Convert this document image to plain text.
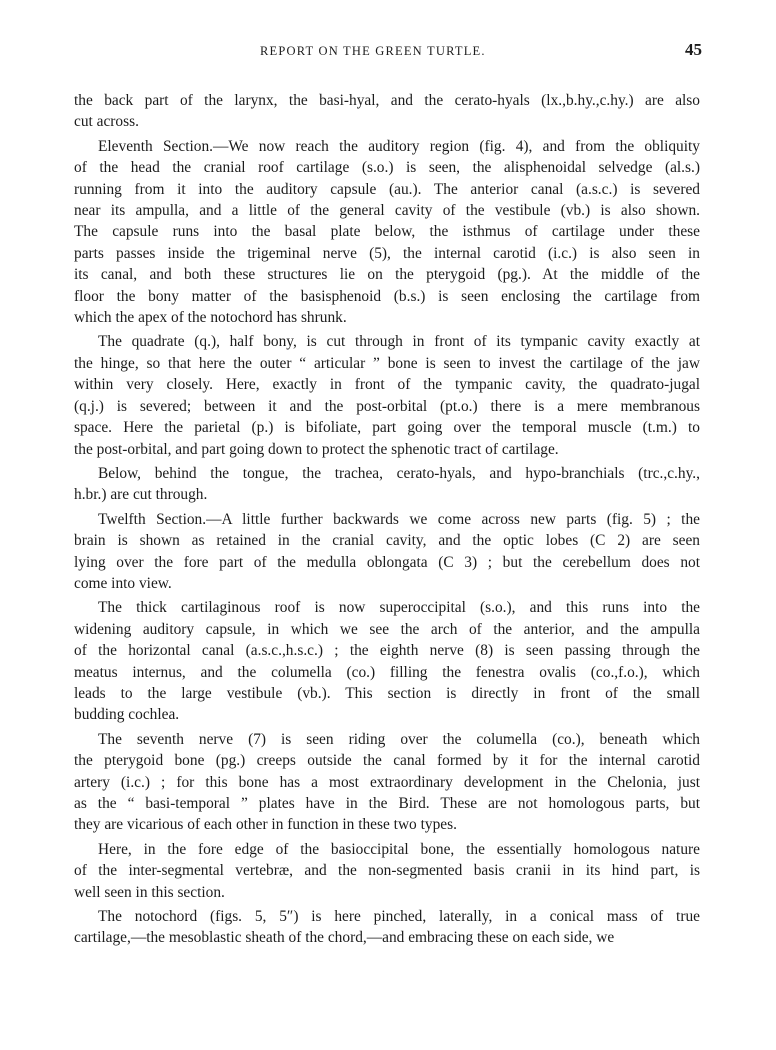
REPORT ON THE GREEN TURTLE.	45

the back part of the larynx, the basi-hyal, and the cerato-hyals (lx.,b.hy.,c.hy.) are also
cut across.

Eleventh Section.—We now reach the auditory region (fig. 4), and from the obliquity
of the head the cranial roof cartilage (s.o.) is seen, the alisphenoidal selvedge (al.s.)
running from it into the auditory capsule (au.). The anterior canal (a.s.c.) is severed
near its ampulla, and a little of the general cavity of the vestibule (vb.) is also shown.
The capsule runs into the basal plate below, the isthmus of cartilage under these
parts passes inside the trigeminal nerve (5), the internal carotid (i.c.) is also seen in
its canal, and both these structures lie on the pterygoid (pg.). At the middle of the
floor the bony matter of the basisphenoid (b.s.) is seen enclosing the cartilage from
which the apex of the notochord has shrunk.

The quadrate (q.), half bony, is cut through in front of its tympanic cavity exactly at
the hinge, so that here the outer “ articular ” bone is seen to invest the cartilage of the jaw
within very closely. Here, exactly in front of the tympanic cavity, the quadrato-jugal
(q.j.) is severed; between it and the post-orbital (pt.o.) there is a mere membranous
space. Here the parietal (p.) is bifoliate, part going over the temporal muscle (t.m.) to
the post-orbital, and part going down to protect the sphenotic tract of cartilage.

Below, behind the tongue, the trachea, cerato-hyals, and hypo-branchials (trc.,c.hy.,
h.br.) are cut through.

Twelfth Section.—A little further backwards we come across new parts (fig. 5) ; the
brain is shown as retained in the cranial cavity, and the optic lobes (C 2) are seen
lying over the fore part of the medulla oblongata (C 3) ; but the cerebellum does not
come into view.

The thick cartilaginous roof is now superoccipital (s.o.), and this runs into the
widening auditory capsule, in which we see the arch of the anterior, and the ampulla
of the horizontal canal (a.s.c.,h.s.c.) ; the eighth nerve (8) is seen passing through the
meatus internus, and the columella (co.) filling the fenestra ovalis (co.,f.o.), which
leads to the large vestibule (vb.). This section is directly in front of the small
budding cochlea.

The seventh nerve (7) is seen riding over the columella (co.), beneath which
the pterygoid bone (pg.) creeps outside the canal formed by it for the internal carotid
artery (i.c.) ; for this bone has a most extraordinary development in the Chelonia, just
as the “ basi-temporal ” plates have in the Bird. These are not homologous parts, but
they are vicarious of each other in function in these two types.

Here, in the fore edge of the basioccipital bone, the essentially homologous nature
of the inter-segmental vertebræ, and the non-segmented basis cranii in its hind part, is
well seen in this section.

The notochord (figs. 5, 5″) is here pinched, laterally, in a conical mass of true
cartilage,—the mesoblastic sheath of the chord,—and embracing these on each side, we
